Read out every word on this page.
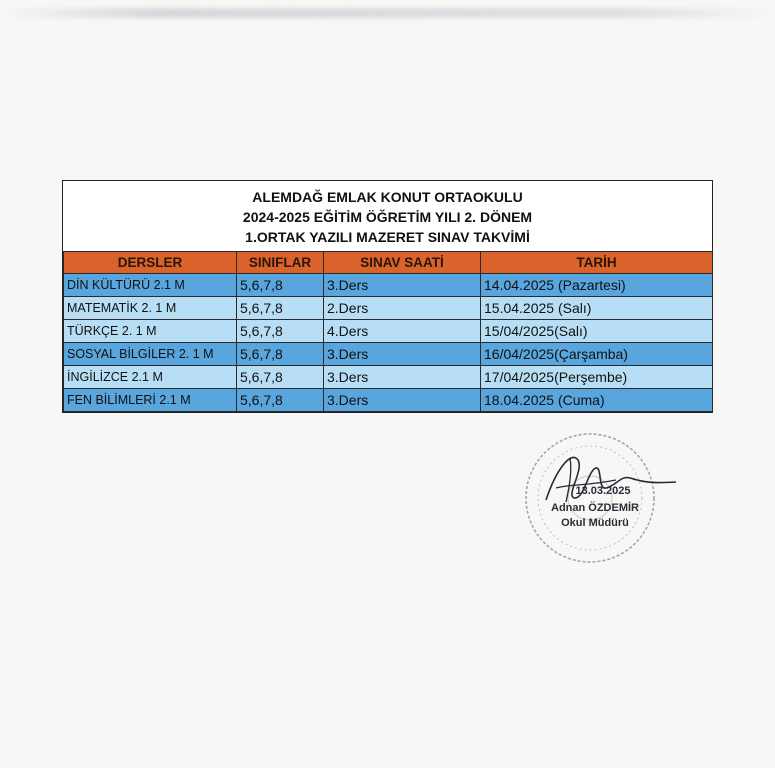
ALEMDAĞ EMLAK KONUT ORTAOKULU
2024-2025 EĞİTİM ÖĞRETİM YILI 2. DÖNEM
1.ORTAK YAZILI MAZERET SINAV TAKVİMİ
DERSLER	SINIFLAR	SINAV SAATİ	TARİH
DİN KÜLTÜRÜ 2.1 M	5,6,7,8	3.Ders	14.04.2025 (Pazartesi)
MATEMATİK 2. 1 M	5,6,7,8	2.Ders	15.04.2025 (Salı)
TÜRKÇE 2. 1 M	5,6,7,8	4.Ders	15/04/2025(Salı)
SOSYAL BİLGİLER 2. 1 M	5,6,7,8	3.Ders	16/04/2025(Çarşamba)
İNGİLİZCE 2.1 M	5,6,7,8	3.Ders	17/04/2025(Perşembe)
FEN BİLİMLERİ 2.1 M	5,6,7,8	3.Ders	18.04.2025 (Cuma)
13.03.2025
Adnan ÖZDEMİR
Okul Müdürü
